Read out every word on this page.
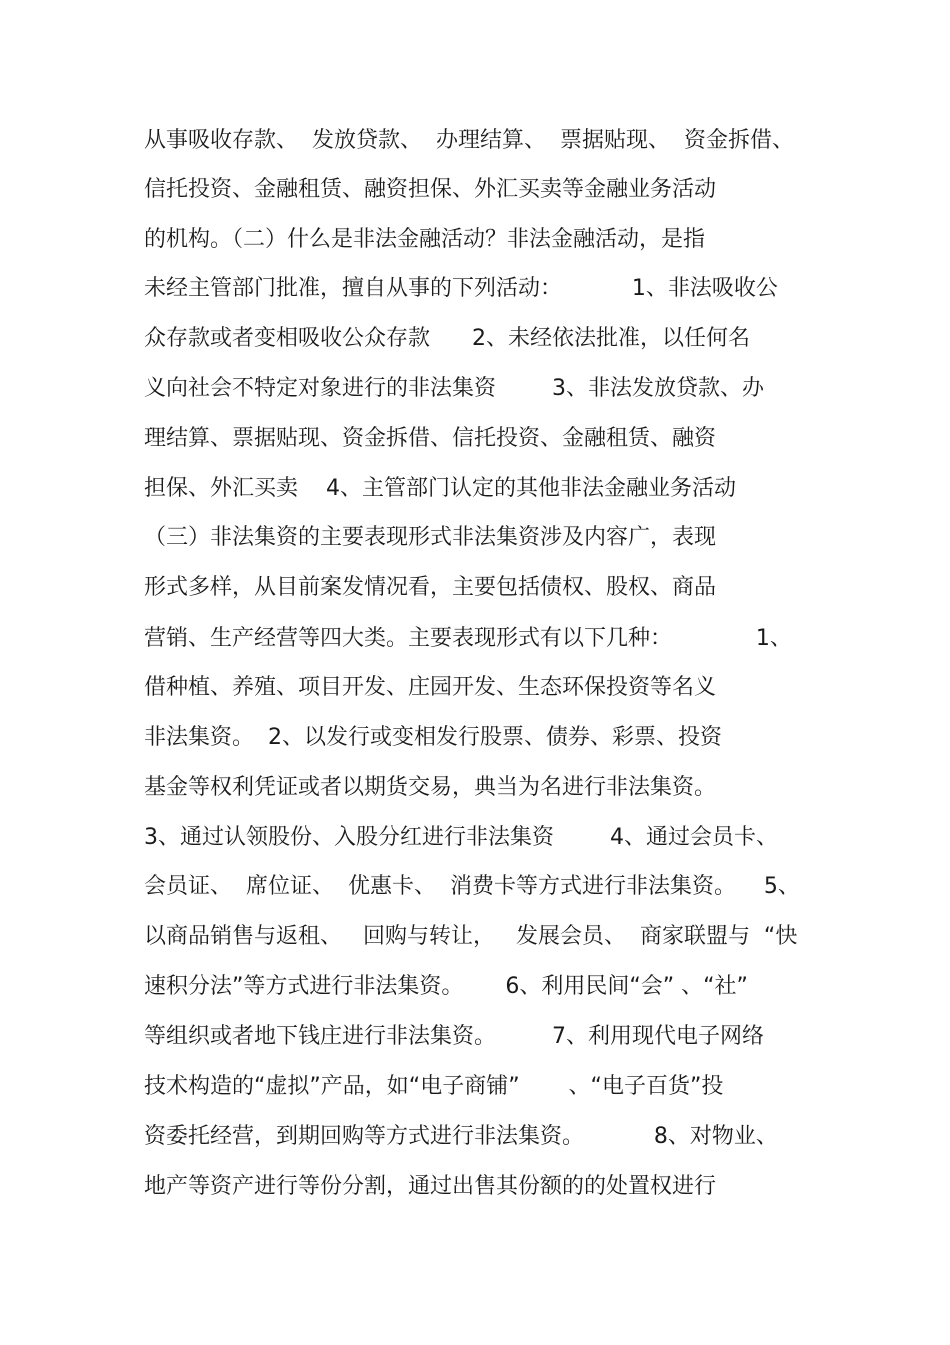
从事吸收存款、  发放贷款、  办理结算、  票据贴现、  资金拆借、
信托投资、金融租赁、融资担保、外汇买卖等金融业务活动
的机构。（二）什么是非法金融活动？非法金融活动，是指
未经主管部门批准，擅自从事的下列活动：          1、非法吸收公
众存款或者变相吸收公众存款      2、未经依法批准，以任何名
义向社会不特定对象进行的非法集资        3、非法发放贷款、办
理结算、票据贴现、资金拆借、信托投资、金融租赁、融资
担保、外汇买卖    4、主管部门认定的其他非法金融业务活动
（三）非法集资的主要表现形式非法集资涉及内容广，表现
形式多样，从目前案发情况看，主要包括债权、股权、商品
营销、生产经营等四大类。主要表现形式有以下几种：            1、
借种植、养殖、项目开发、庄园开发、生态环保投资等名义
非法集资。  2、以发行或变相发行股票、债券、彩票、投资
基金等权利凭证或者以期货交易，典当为名进行非法集资。
3、通过认领股份、入股分红进行非法集资        4、通过会员卡、
会员证、  席位证、  优惠卡、  消费卡等方式进行非法集资。    5、
以商品销售与返租、   回购与转让，   发展会员、  商家联盟与  “快
速积分法”等方式进行非法集资。      6、利用民间“会” 、“社”
等组织或者地下钱庄进行非法集资。        7、利用现代电子网络
技术构造的“虚拟”产品，如“电子商铺”       、“电子百货”投
资委托经营，到期回购等方式进行非法集资。          8、对物业、
地产等资产进行等份分割，通过出售其份额的的处置权进行
